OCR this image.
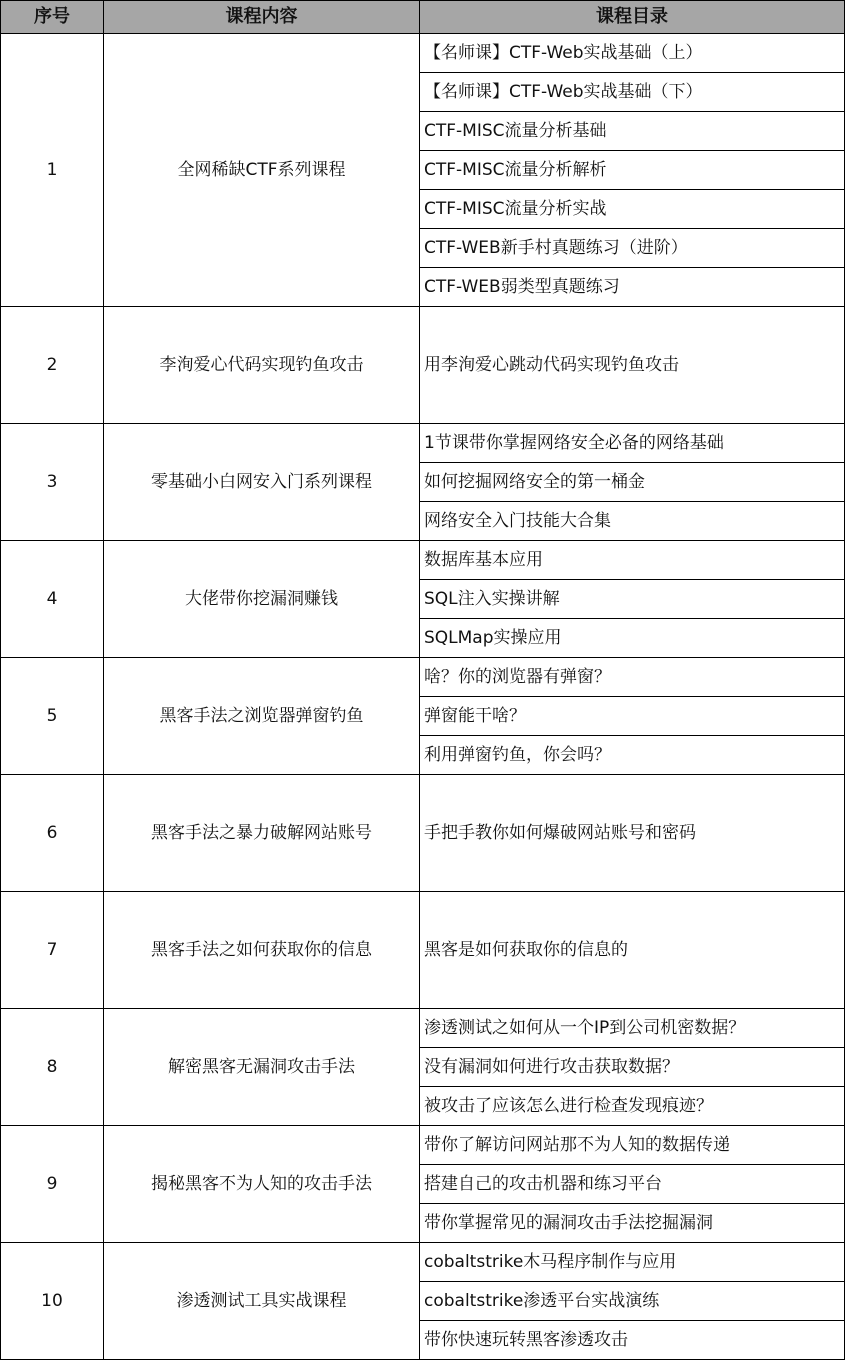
序号	课程内容	课程目录
1	全网稀缺CTF系列课程	【名师课】CTF-Web实战基础（上）
		【名师课】CTF-Web实战基础（下）
		CTF-MISC流量分析基础
		CTF-MISC流量分析解析
		CTF-MISC流量分析实战
		CTF-WEB新手村真题练习（进阶）
		CTF-WEB弱类型真题练习
2	李洵爱心代码实现钓鱼攻击	用李洵爱心跳动代码实现钓鱼攻击
3	零基础小白网安入门系列课程	1节课带你掌握网络安全必备的网络基础
		如何挖掘网络安全的第一桶金
		网络安全入门技能大合集
4	大佬带你挖漏洞赚钱	数据库基本应用
		SQL注入实操讲解
		SQLMap实操应用
5	黑客手法之浏览器弹窗钓鱼	啥？你的浏览器有弹窗？
		弹窗能干啥？
		利用弹窗钓鱼，你会吗？
6	黑客手法之暴力破解网站账号	手把手教你如何爆破网站账号和密码
7	黑客手法之如何获取你的信息	黑客是如何获取你的信息的
8	解密黑客无漏洞攻击手法	渗透测试之如何从一个IP到公司机密数据？
		没有漏洞如何进行攻击获取数据？
		被攻击了应该怎么进行检查发现痕迹？
9	揭秘黑客不为人知的攻击手法	带你了解访问网站那不为人知的数据传递
		搭建自己的攻击机器和练习平台
		带你掌握常见的漏洞攻击手法挖掘漏洞
10	渗透测试工具实战课程	cobaltstrike木马程序制作与应用
		cobaltstrike渗透平台实战演练
		带你快速玩转黑客渗透攻击
